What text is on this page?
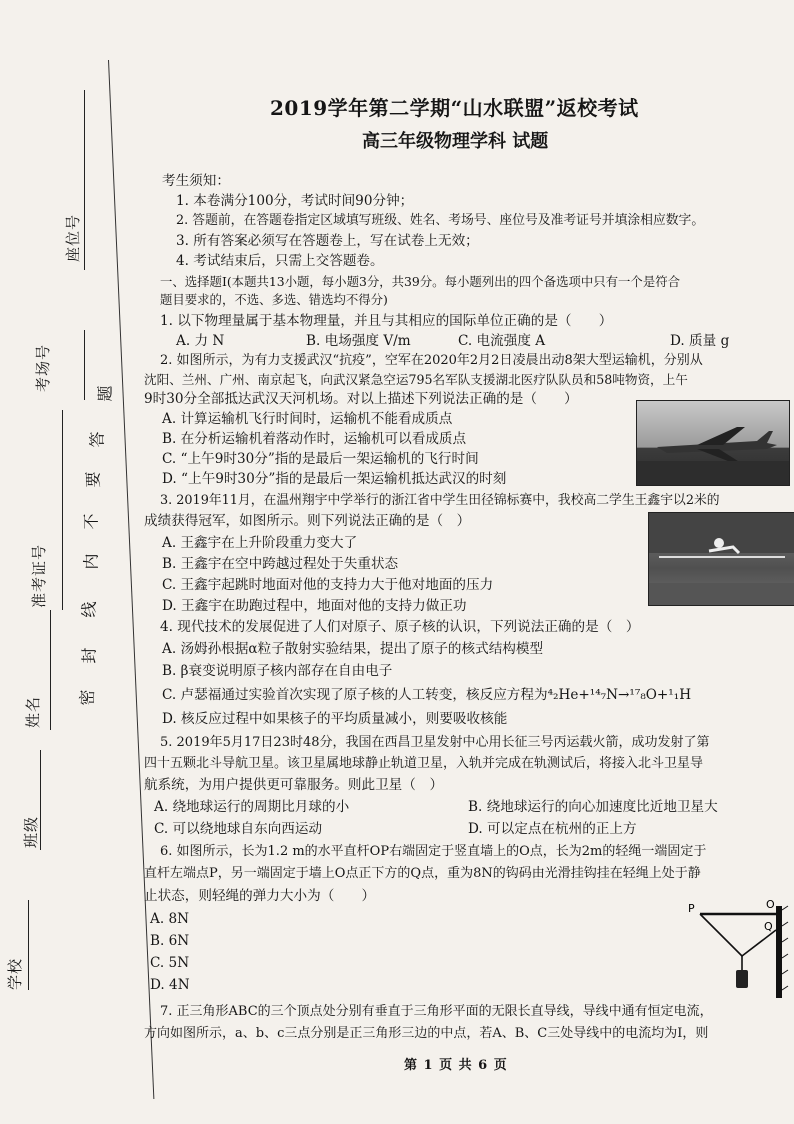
座位号
考场号
准考证号
姓名
班级
学校
题
答
要
不
内
线
封
密
2019学年第二学期“山水联盟”返校考试
高三年级物理学科 试题
考生须知：
1. 本卷满分100分，考试时间90分钟；
2. 答题前，在答题卷指定区域填写班级、姓名、考场号、座位号及准考证号并填涂相应数字。
3. 所有答案必须写在答题卷上，写在试卷上无效；
4. 考试结束后，只需上交答题卷。
一、选择题Ⅰ(本题共13小题，每小题3分，共39分。每小题列出的四个备选项中只有一个是符合
题目要求的，不选、多选、错选均不得分)
1. 以下物理量属于基本物理量，并且与其相应的国际单位正确的是（　　）
A. 力 N	B. 电场强度 V/m	C. 电流强度 A	D. 质量 g
2. 如图所示，为有力支援武汉“抗疫”，空军在2020年2月2日凌晨出动8架大型运输机，分别从
沈阳、兰州、广州、南京起飞，向武汉紧急空运795名军队支援湖北医疗队队员和58吨物资，上午
9时30分全部抵达武汉天河机场。对以上描述下列说法正确的是（　　）
A. 计算运输机飞行时间时，运输机不能看成质点
B. 在分析运输机着落动作时，运输机可以看成质点
C. “上午9时30分”指的是最后一架运输机的飞行时间
D. “上午9时30分”指的是最后一架运输机抵达武汉的时刻
3. 2019年11月，在温州翔宇中学举行的浙江省中学生田径锦标赛中，我校高二学生王鑫宇以2米的
成绩获得冠军，如图所示。则下列说法正确的是（　）
A. 王鑫宇在上升阶段重力变大了
B. 王鑫宇在空中跨越过程处于失重状态
C. 王鑫宇起跳时地面对他的支持力大于他对地面的压力
D. 王鑫宇在助跑过程中，地面对他的支持力做正功
4. 现代技术的发展促进了人们对原子、原子核的认识，下列说法正确的是（　）
A. 汤姆孙根据α粒子散射实验结果，提出了原子的核式结构模型
B. β衰变说明原子核内部存在自由电子
C. 卢瑟福通过实验首次实现了原子核的人工转变，核反应方程为⁴₂He+¹⁴₇N→¹⁷₈O+¹₁H
D. 核反应过程中如果核子的平均质量减小，则要吸收核能
5. 2019年5月17日23时48分，我国在西昌卫星发射中心用长征三号丙运载火箭，成功发射了第
四十五颗北斗导航卫星。该卫星属地球静止轨道卫星，入轨并完成在轨测试后，将接入北斗卫星导
航系统，为用户提供更可靠服务。则此卫星（　）
A. 绕地球运行的周期比月球的小	B. 绕地球运行的向心加速度比近地卫星大
C. 可以绕地球自东向西运动	D. 可以定点在杭州的正上方
6. 如图所示，长为1.2 m的水平直杆OP右端固定于竖直墙上的O点，长为2m的轻绳一端固定于
直杆左端点P，另一端固定于墙上O点正下方的Q点，重为8N的钩码由光滑挂钩挂在轻绳上处于静
止状态，则轻绳的弹力大小为（　　）
A. 8N
B. 6N
C. 5N
D. 4N
P	O
Q
7. 正三角形ABC的三个顶点处分别有垂直于三角形平面的无限长直导线，导线中通有恒定电流，
方向如图所示，a、b、c三点分别是正三角形三边的中点，若A、B、C三处导线中的电流均为I，则
第 1 页 共 6 页
